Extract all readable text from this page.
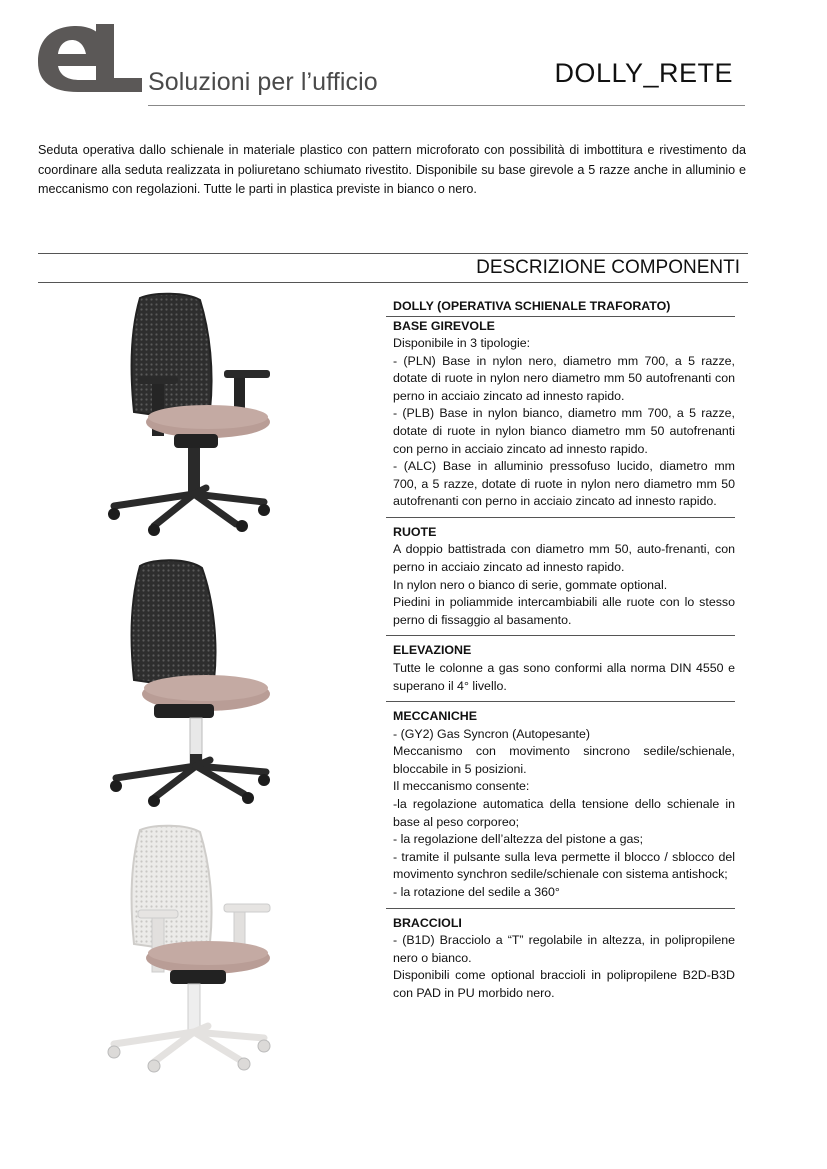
Soluzioni per l’ufficio	DOLLY_RETE
Seduta operativa dallo schienale in materiale plastico con pattern microforato con possibilità di imbottitura e rivestimento da coordinare alla seduta realizzata in poliuretano schiumato rivestito. Disponibile su base girevole a 5 razze anche in alluminio e meccanismo con regolazioni. Tutte le parti in plastica previste in bianco o nero.
DESCRIZIONE COMPONENTI
DOLLY (OPERATIVA SCHIENALE TRAFORATO)
BASE GIREVOLE
Disponibile in 3 tipologie:
- (PLN) Base in nylon nero, diametro mm 700, a 5 razze, dotate di ruote in nylon nero diametro mm 50 autofrenanti con perno in acciaio zincato ad innesto rapido.
- (PLB) Base in nylon bianco, diametro mm 700, a 5 razze, dotate di ruote in nylon bianco diametro mm 50 autofrenanti con perno in acciaio zincato ad innesto rapido.
- (ALC) Base in alluminio pressofuso lucido, diametro mm 700, a 5 razze, dotate di ruote in nylon nero diametro mm 50 autofrenanti con perno in acciaio zincato ad innesto rapido.
RUOTE
A doppio battistrada con diametro mm 50, auto-frenanti, con perno in acciaio zincato ad innesto rapido.
In nylon nero o bianco di serie, gommate optional.
Piedini in poliammide intercambiabili alle ruote con lo stesso perno di fissaggio al basamento.
ELEVAZIONE
Tutte le colonne a gas sono conformi alla norma DIN 4550 e superano il 4° livello.
MECCANICHE
- (GY2) Gas Syncron (Autopesante)
Meccanismo con movimento sincrono sedile/schienale, bloccabile in 5 posizioni.
Il meccanismo consente:
-la regolazione automatica della tensione dello schienale in base al peso corporeo;
- la regolazione dell’altezza del pistone a gas;
- tramite il pulsante sulla leva permette il blocco / sblocco del movimento synchron sedile/schienale con sistema antishock;
- la rotazione del sedile a 360°
BRACCIOLI
- (B1D) Bracciolo a “T” regolabile in altezza, in polipropilene nero o bianco.
Disponibili come optional braccioli in polipropilene B2D-B3D con PAD in PU morbido nero.
